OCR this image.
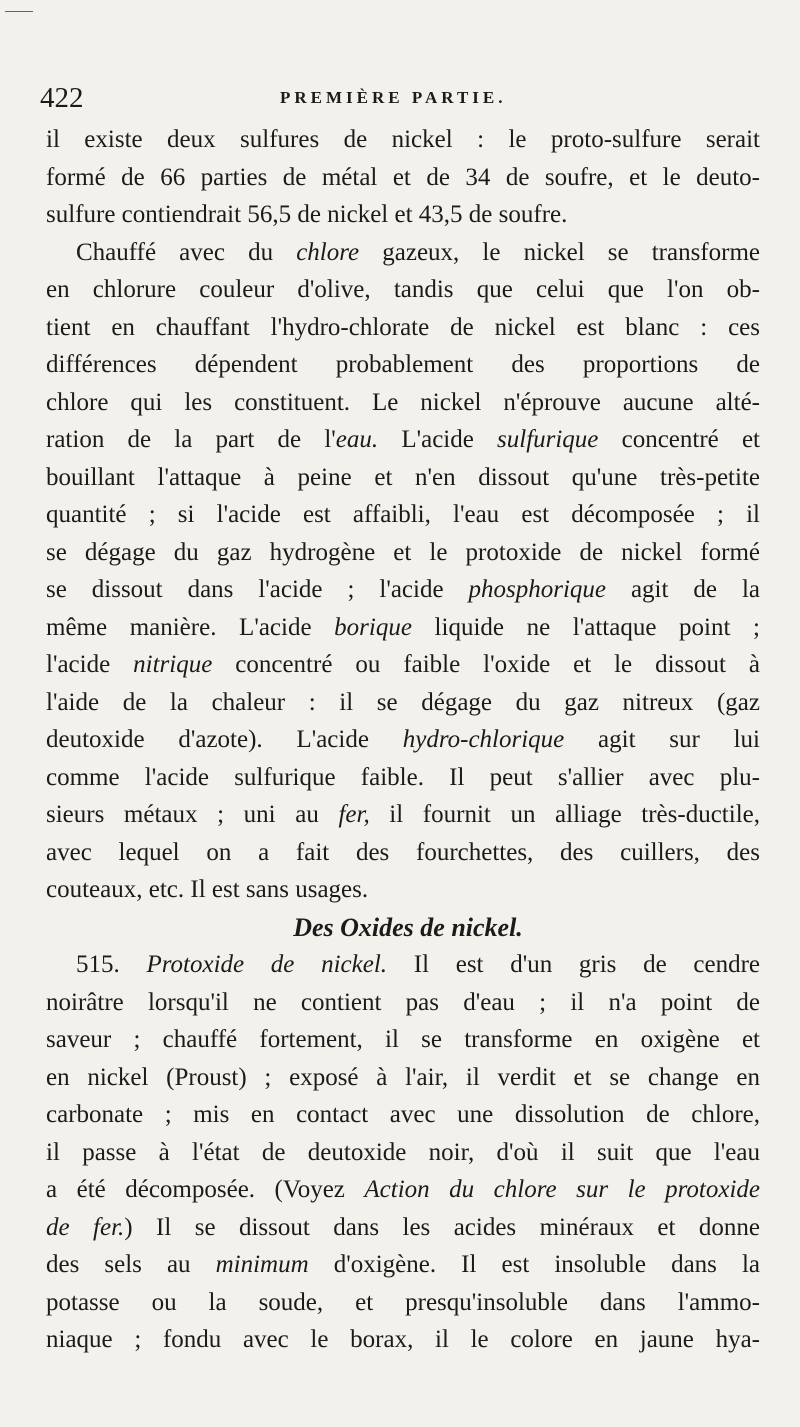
422	PREMIÈRE PARTIE.
il existe deux sulfures de nickel : le proto-sulfure serait
formé de 66 parties de métal et de 34 de soufre, et le deuto-
sulfure contiendrait 56,5 de nickel et 43,5 de soufre.
Chauffé avec du chlore gazeux, le nickel se transforme
en chlorure couleur d'olive, tandis que celui que l'on ob-
tient en chauffant l'hydro-chlorate de nickel est blanc : ces
différences dépendent probablement des proportions de
chlore qui les constituent. Le nickel n'éprouve aucune alté-
ration de la part de l'eau. L'acide sulfurique concentré et
bouillant l'attaque à peine et n'en dissout qu'une très-petite
quantité ; si l'acide est affaibli, l'eau est décomposée ; il
se dégage du gaz hydrogène et le protoxide de nickel formé
se dissout dans l'acide ; l'acide phosphorique agit de la
même manière. L'acide borique liquide ne l'attaque point ;
l'acide nitrique concentré ou faible l'oxide et le dissout à
l'aide de la chaleur : il se dégage du gaz nitreux (gaz
deutoxide d'azote). L'acide hydro-chlorique agit sur lui
comme l'acide sulfurique faible. Il peut s'allier avec plu-
sieurs métaux ; uni au fer, il fournit un alliage très-ductile,
avec lequel on a fait des fourchettes, des cuillers, des
couteaux, etc. Il est sans usages.
Des Oxides de nickel.
515. Protoxide de nickel. Il est d'un gris de cendre
noirâtre lorsqu'il ne contient pas d'eau ; il n'a point de
saveur ; chauffé fortement, il se transforme en oxigène et
en nickel (Proust) ; exposé à l'air, il verdit et se change en
carbonate ; mis en contact avec une dissolution de chlore,
il passe à l'état de deutoxide noir, d'où il suit que l'eau
a été décomposée. (Voyez Action du chlore sur le protoxide
de fer.) Il se dissout dans les acides minéraux et donne
des sels au minimum d'oxigène. Il est insoluble dans la
potasse ou la soude, et presqu'insoluble dans l'ammo-
niaque ; fondu avec le borax, il le colore en jaune hya-
